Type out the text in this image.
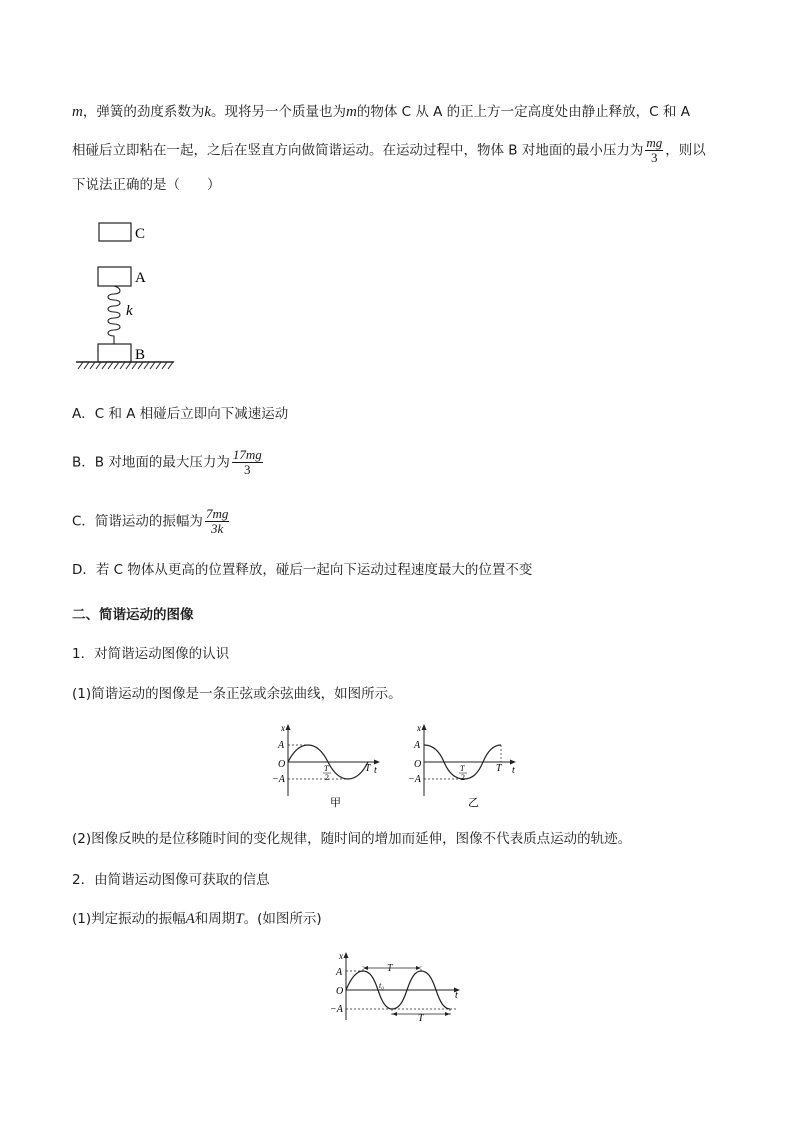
m，弹簧的劲度系数为k。现将另一个质量也为m的物体 C 从 A 的正上方一定高度处由静止释放，C 和 A
相碰后立即粘在一起，之后在竖直方向做简谐运动。在运动过程中，物体 B 对地面的最小压力为 $\frac{mg}{3}$ ，则以
下说法正确的是（　　）
C
A
k
B
A．C 和 A 相碰后立即向下减速运动
B．B 对地面的最大压力为 $\frac{17mg}{3}$
C．简谐运动的振幅为 $\frac{7mg}{3k}$
D．若 C 物体从更高的位置释放，碰后一起向下运动过程速度最大的位置不变
二、简谐运动的图像
1．对简谐运动图像的认识
(1)简谐运动的图像是一条正弦或余弦曲线，如图所示。
x
t
A
O
−A
T
2
T
甲
x
t
A
O
−A
T
2
T
乙
(2)图像反映的是位移随时间的变化规律，随时间的增加而延伸，图像不代表质点运动的轨迹。
2．由简谐运动图像可获取的信息
(1)判定振动的振幅A和周期T。(如图所示)
x
t
A
O
−A
T
t₀
T
